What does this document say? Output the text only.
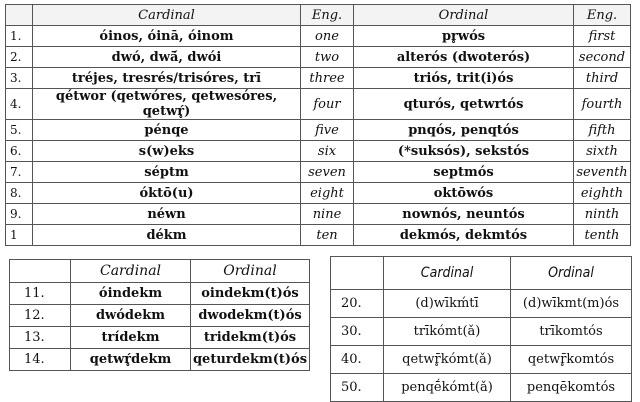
	Cardinal	Eng.	Ordinal	Eng.
1.	óinos, óinā, óinom	one	pr̥wós	first
2.	dwó, dwā́, dwói	two	alterós (dwoterós)	second
3.	tréjes, tresrés/trisóres, trī	three	triós, trit(i)ós	third
4.	qétwor (qetwóres, qetwesóres, qetwŕ̥)	four	qturós, qetwrtós	fourth
5.	pénqe	five	pnqós, penqtós	fifth
6.	s(w)eks	six	(*suksós), sekstós	sixth
7.	séptm	seven	septmós	seventh
8.	óktō(u)	eight	oktōwós	eighth
9.	néwn	nine	nownós, neuntós	ninth
1	dékm	ten	dekmós, dekmtós	tenth
	Cardinal	Ordinal
11.	óindekm	oindekm(t)ós
12.	dwódekm	dwodekm(t)ós
13.	trídekm	tridekm(t)ós
14.	qetwŕ̥dekm	qeturdekm(t)ós
	Cardinal	Ordinal
20.	(d)wīkḿtī	(d)wīkmt(m)ós
30.	trīkómt(ǎ)	trīkomtós
40.	qetwr̥̄kómt(ǎ)	qetwr̥̄komtós
50.	penqḗkómt(ǎ)	penqēkomtós
